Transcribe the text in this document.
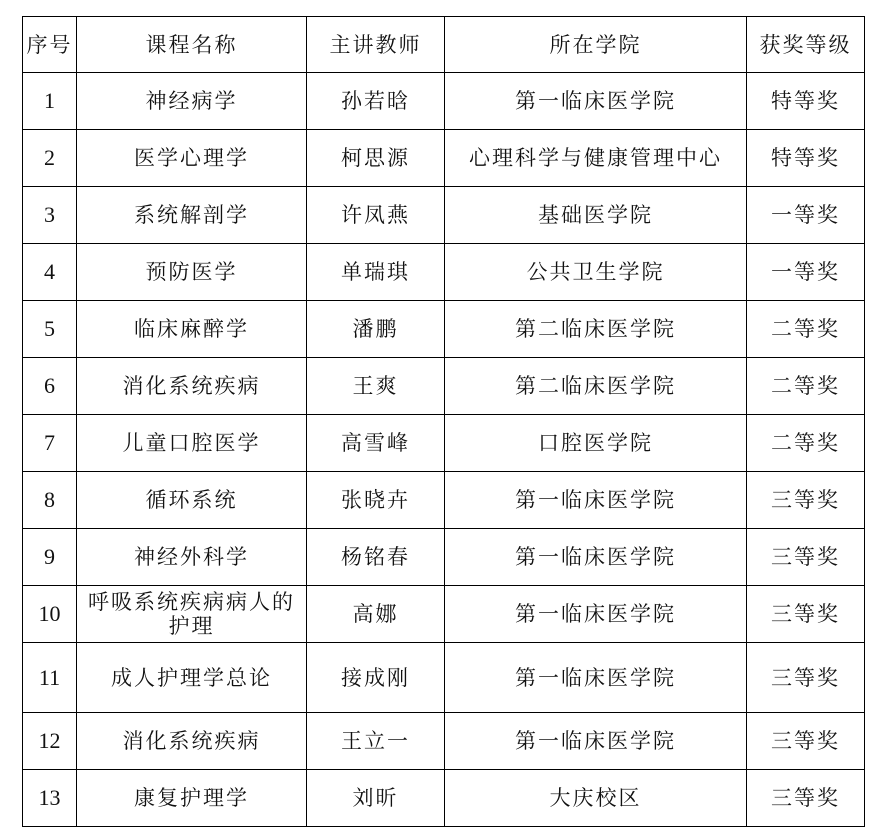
序号	课程名称	主讲教师	所在学院	获奖等级
1	神经病学	孙若晗	第一临床医学院	特等奖
2	医学心理学	柯思源	心理科学与健康管理中心	特等奖
3	系统解剖学	许凤燕	基础医学院	一等奖
4	预防医学	单瑞琪	公共卫生学院	一等奖
5	临床麻醉学	潘鹏	第二临床医学院	二等奖
6	消化系统疾病	王爽	第二临床医学院	二等奖
7	儿童口腔医学	高雪峰	口腔医学院	二等奖
8	循环系统	张晓卉	第一临床医学院	三等奖
9	神经外科学	杨铭春	第一临床医学院	三等奖
10	呼吸系统疾病病人的护理	高娜	第一临床医学院	三等奖
11	成人护理学总论	接成刚	第一临床医学院	三等奖
12	消化系统疾病	王立一	第一临床医学院	三等奖
13	康复护理学	刘昕	大庆校区	三等奖
